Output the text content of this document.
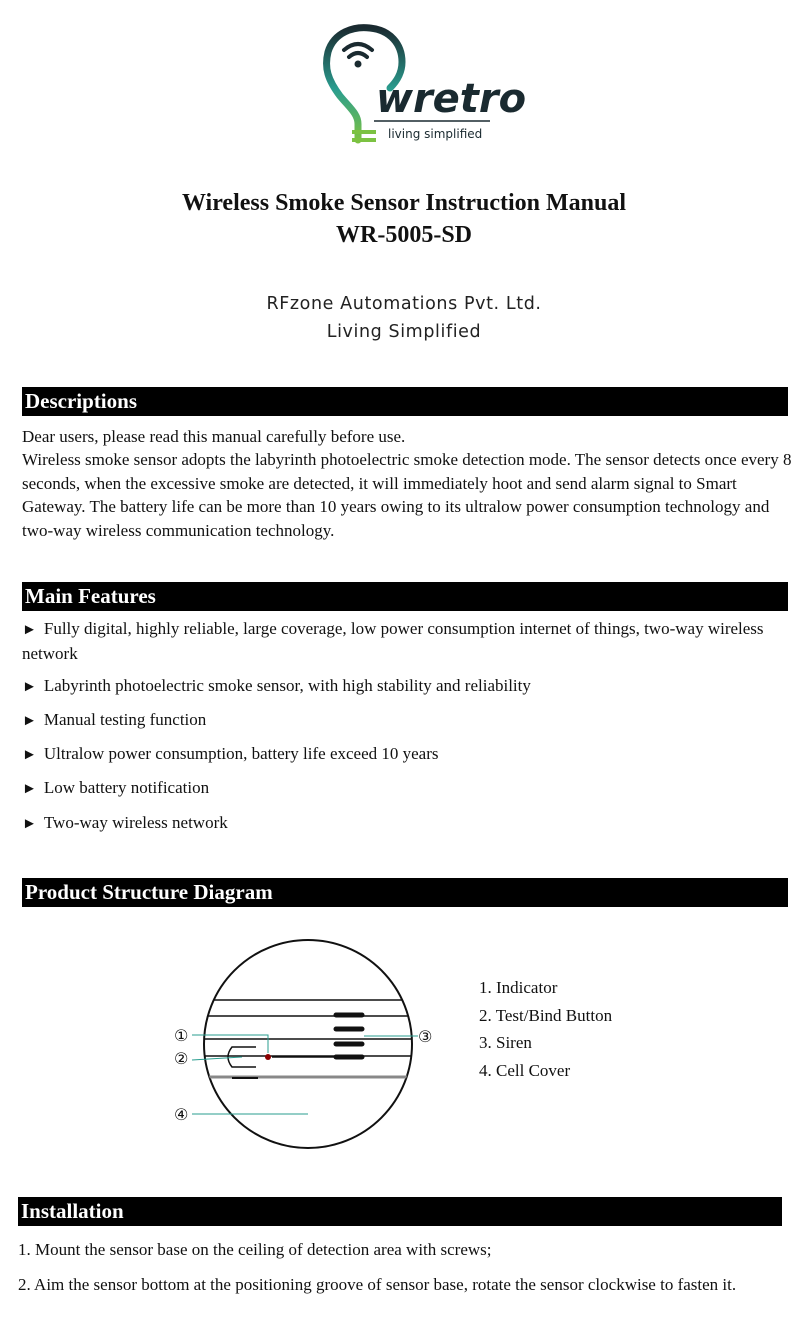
wretro
living simplified
Wireless Smoke Sensor Instruction Manual
WR-5005-SD
RFzone Automations Pvt. Ltd.
Living Simplified
Descriptions
Dear users, please read this manual carefully before use.
Wireless smoke sensor adopts the labyrinth photoelectric smoke detection mode. The sensor detects once every 8 seconds, when the excessive smoke are detected, it will immediately hoot and send alarm signal to Smart Gateway. The battery life can be more than 10 years owing to its ultralow power consumption technology and two-way wireless communication technology.
Main Features
► Fully digital, highly reliable, large coverage, low power consumption internet of things, two-way wireless network
► Labyrinth photoelectric smoke sensor, with high stability and reliability
► Manual testing function
► Ultralow power consumption, battery life exceed 10 years
► Low battery notification
► Two-way wireless network
Product Structure Diagram
①
②
③
④
1. Indicator
2. Test/Bind Button
3. Siren
4. Cell Cover
Installation
1. Mount the sensor base on the ceiling of detection area with screws;
2. Aim the sensor bottom at the positioning groove of sensor base, rotate the sensor clockwise to fasten it.
